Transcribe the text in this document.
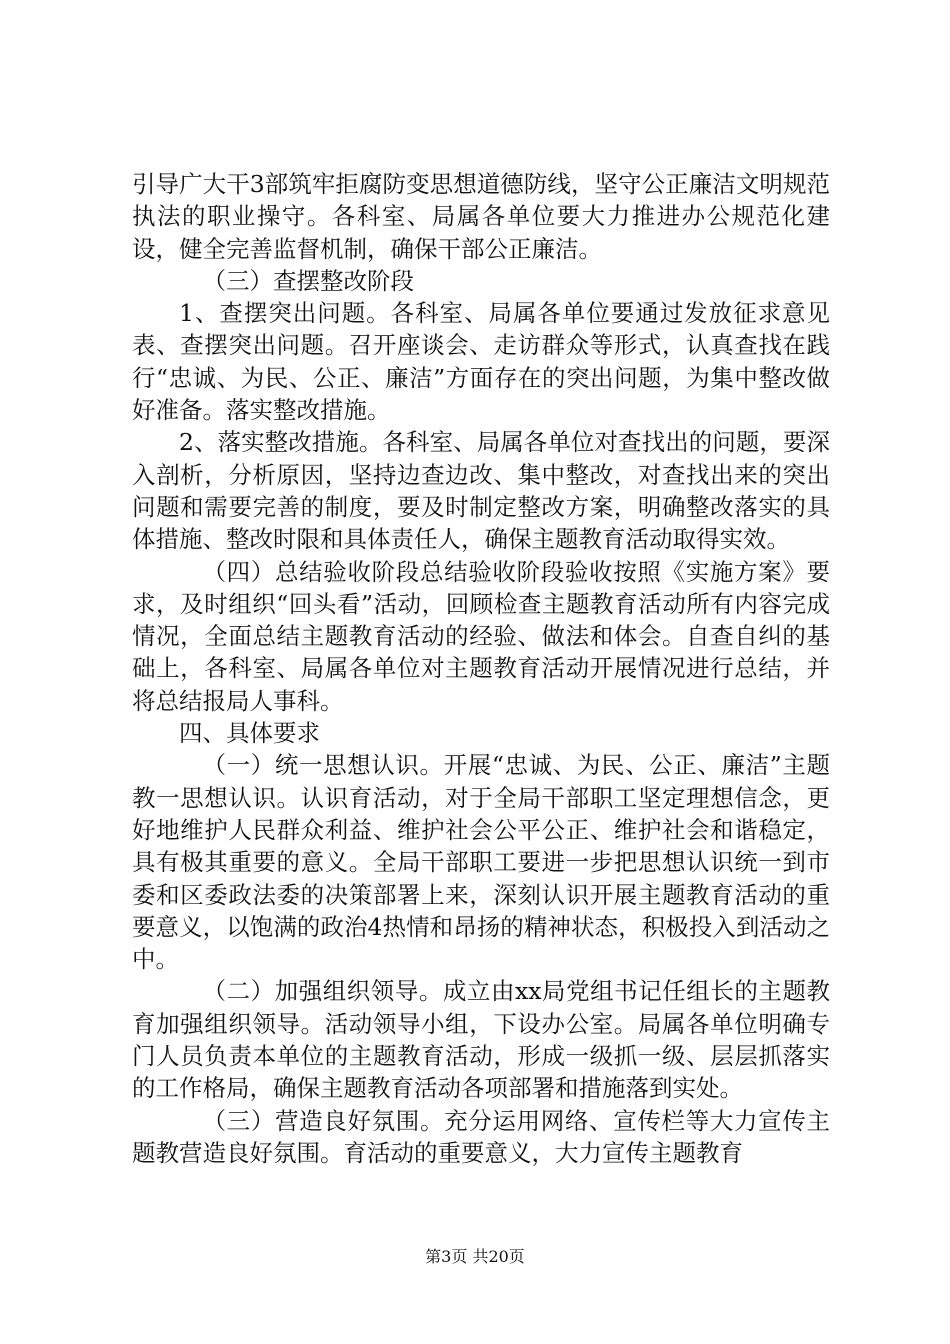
引导广大干3部筑牢拒腐防变思想道德防线，坚守公正廉洁文明规范执法的职业操守。各科室、局属各单位要大力推进办公规范化建设，健全完善监督机制，确保干部公正廉洁。

（三）查摆整改阶段

1、查摆突出问题。各科室、局属各单位要通过发放征求意见表、查摆突出问题。召开座谈会、走访群众等形式，认真查找在践行“忠诚、为民、公正、廉洁”方面存在的突出问题，为集中整改做好准备。落实整改措施。

2、落实整改措施。各科室、局属各单位对查找出的问题，要深入剖析，分析原因，坚持边查边改、集中整改，对查找出来的突出问题和需要完善的制度，要及时制定整改方案，明确整改落实的具体措施、整改时限和具体责任人，确保主题教育活动取得实效。

（四）总结验收阶段总结验收阶段验收按照《实施方案》要求，及时组织“回头看”活动，回顾检查主题教育活动所有内容完成情况，全面总结主题教育活动的经验、做法和体会。自查自纠的基础上，各科室、局属各单位对主题教育活动开展情况进行总结，并将总结报局人事科。

四、具体要求

（一）统一思想认识。开展“忠诚、为民、公正、廉洁”主题教一思想认识。认识育活动，对于全局干部职工坚定理想信念，更好地维护人民群众利益、维护社会公平公正、维护社会和谐稳定，具有极其重要的意义。全局干部职工要进一步把思想认识统一到市委和区委政法委的决策部署上来，深刻认识开展主题教育活动的重要意义，以饱满的政治4热情和昂扬的精神状态，积极投入到活动之中。

（二）加强组织领导。成立由xx局党组书记任组长的主题教育加强组织领导。活动领导小组，下设办公室。局属各单位明确专门人员负责本单位的主题教育活动，形成一级抓一级、层层抓落实的工作格局，确保主题教育活动各项部署和措施落到实处。

（三）营造良好氛围。充分运用网络、宣传栏等大力宣传主题教营造良好氛围。育活动的重要意义，大力宣传主题教育

第3页 共20页
